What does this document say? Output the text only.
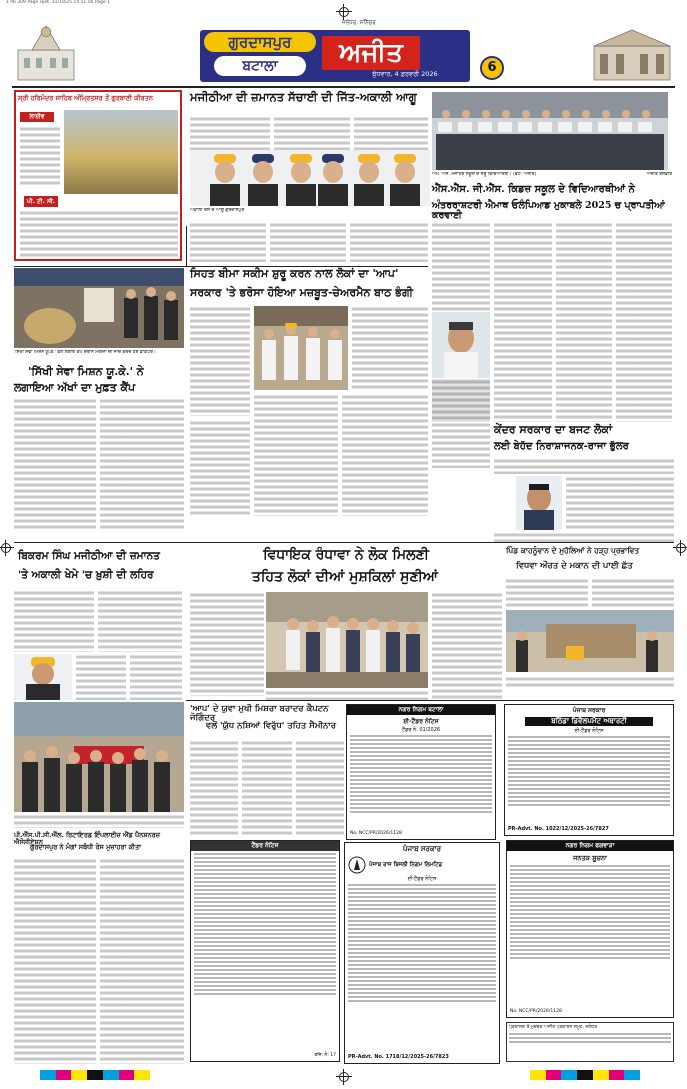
1 Pb 309 Page rpet. 31/10/25 14.51.56 Page 1
ਗੁਰਦਾਸਪੁਰ
ਬਟਾਲਾ	ਅਜੀਤ
ਜਲੰਧਰ, ਸਨਿੱਚਰ
ਬੁੱਧਵਾਰ, 4 ਫ਼ਰਵਰੀ 2026	6
ਸ੍ਰੀ ਹਰਿਮੰਦਰ ਸਾਹਿਬ ਅੰਮ੍ਰਿਤਸਰ ਤੋਂ ਗੁਰਬਾਣੀ ਕੀਰਤਨ
ਲਾਈਵ
ਪੀ. ਟੀ. ਸੀ.
ਮਜੀਠੀਆ ਦੀ ਜ਼ਮਾਨਤ ਸੱਚਾਈ ਦੀ ਜਿੱਤ-ਅਕਾਲੀ ਆਗੂ
ਅਕਾਲੀ ਦਲ ਦੇ ਆਗੂ ਗੁਰਦਾਸਪੁਰ
ਐਮ. ਐਸ. ਮਜਾਹਦ ਸਕੂਲ ਦੇ ਜੇਤੂ ਵਿਦਿਆਰਥੀ। (ਫੋਟੋ: ਅਜੀਤ)	ਅਜੀਤ ਤਸਵੀਰ
ਐੱਸ.ਐੱਸ. ਜੀ.ਐੱਸ. ਕਿਡਜ਼ ਸਕੂਲ ਦੇ ਵਿਦਿਆਰਥੀਆਂ ਨੇ
ਅੰਤਰਰਾਸ਼ਟਰੀ ਐਮਾਥ ਓਲੰਪਿਆਡ ਮੁਕਾਬਲੇ 2025 ਚ ਪ੍ਰਾਪਤੀਆਂ ਕਰਵਾਈ
'ਸਿੱਖੀ ਸੇਵਾ ਮਿਸ਼ਨ ਯੂ.ਕੇ.' ਵਲੋਂ ਲਗਾਏ ਕੈਂਪ ਦੌਰਾਨ ਮਰੀਜ਼ਾਂ ਦੀ ਜਾਂਚ ਕਰਦੇ ਹੋਏ ਡਾਕਟਰ।
'ਸਿੱਖੀ ਸੇਵਾ ਮਿਸ਼ਨ ਯੂ.ਕੇ.' ਨੇ
ਲਗਾਇਆ ਅੱਖਾਂ ਦਾ ਮੁਫ਼ਤ ਕੈਂਪ
ਸਿਹਤ ਬੀਮਾ ਸਕੀਮ ਸ਼ੁਰੂ ਕਰਨ ਨਾਲ ਲੋਕਾਂ ਦਾ 'ਆਪ'
ਸਰਕਾਰ 'ਤੇ ਭਰੋਸਾ ਹੋਇਆ ਮਜ਼ਬੂਤ-ਚੇਅਰਮੈਨ ਬਾਠ ਭੰਗੀ
ਕੇਂਦਰ ਸਰਕਾਰ ਦਾ ਬਜਟ ਲੋਕਾਂ
ਲਈ ਬੇਹੱਦ ਨਿਰਾਸ਼ਾਜਨਕ-ਰਾਜਾ ਭੁੱਲਰ
ਬਿਕਰਮ ਸਿੰਘ ਮਜੀਠੀਆ ਦੀ ਜ਼ਮਾਨਤ
'ਤੇ ਅਕਾਲੀ ਖੇਮੇ 'ਚ ਖ਼ੁਸ਼ੀ ਦੀ ਲਹਿਰ
ਪੀ.ਐੱਸ.ਪੀ.ਸੀ.ਐੱਲ. ਰਿਟਾਇਰਡ ਇੰਪਲਾਈਜ਼ ਐਂਡ ਪੈਨਸ਼ਨਰਜ਼ ਐਸੋਸੀਏਸ਼ਨ
ਗੁਰਦਾਸਪੁਰ ਨੇ ਮੰਗਾਂ ਸਬੰਧੀ ਰੋਸ ਮੁਜ਼ਾਹਰਾ ਕੀਤਾ
ਵਿਧਾਇਕ ਰੰਧਾਵਾ ਨੇ ਲੋਕ ਮਿਲਣੀ
ਤਹਿਤ ਲੋਕਾਂ ਦੀਆਂ ਮੁਸ਼ਕਿਲਾਂ ਸੁਣੀਆਂ
ਪਿੰਡ ਕਾਹਨੂੰਵਾਨ ਦੇ ਮੁਹੱਲਿਆਂ ਨੇ ਹੜ੍ਹ ਪ੍ਰਭਾਵਿਤ
ਵਿਧਵਾ ਔਰਤ ਦੇ ਮਕਾਨ ਦੀ ਪਾਈ ਛੱਤ
'ਆਪ' ਦੇ ਯੁਵਾ ਮੁਖੀ ਮਿਸ਼ਰਾ ਬਰਾਦਰ ਕੈਪਟਨ ਜੋਗਿੰਦਰ
ਵਲੋਂ 'ਯੁੱਧ ਨਸ਼ਿਆਂ ਵਿਰੁੱਧ' ਤਹਿਤ ਸੈਮੀਨਾਰ
ਨਗਰ ਨਿਗਮ ਬਟਾਲਾ
ਈ-ਟੈਂਡਰ ਨੋਟਿਸ
ਟੈਂਡਰ ਨੰ. 01/2026
No. NCC/PR/2026/1128
ਪੰਜਾਬ ਸਰਕਾਰ
ਬਠਿੰਡਾ ਡਿਵੈਲਪਮੈਂਟ ਅਥਾਰਟੀ
ਈ-ਟੈਂਡਰ ਨੋਟਿਸ
PR-Advt. No. 1022/12/2025-26/7827
ਟੈਂਡਰ ਨੋਟਿਸ
ਰਜਿ: ਨੰ: 17
ਪੰਜਾਬ ਸਰਕਾਰ
ਪੰਜਾਬ ਰਾਜ ਬਿਜਲੀ ਨਿਗਮ ਲਿਮਟਿਡ
ਈ-ਟੈਂਡਰ ਨੋਟਿਸ
PR-Advt. No. 1718/12/2025-26/7823
ਨਗਰ ਨਿਗਮ ਫਗਵਾੜਾ
ਜਨਤਕ ਸੂਚਨਾ
No. NCC/PR/2026/1128
ਪ੍ਰਕਾਸ਼ਕ ਤੇ ਮੁਦਰਕ ਅਜੀਤ ਪ੍ਰਕਾਸ਼ਨ ਸਮੂਹ, ਜਲੰਧਰ
